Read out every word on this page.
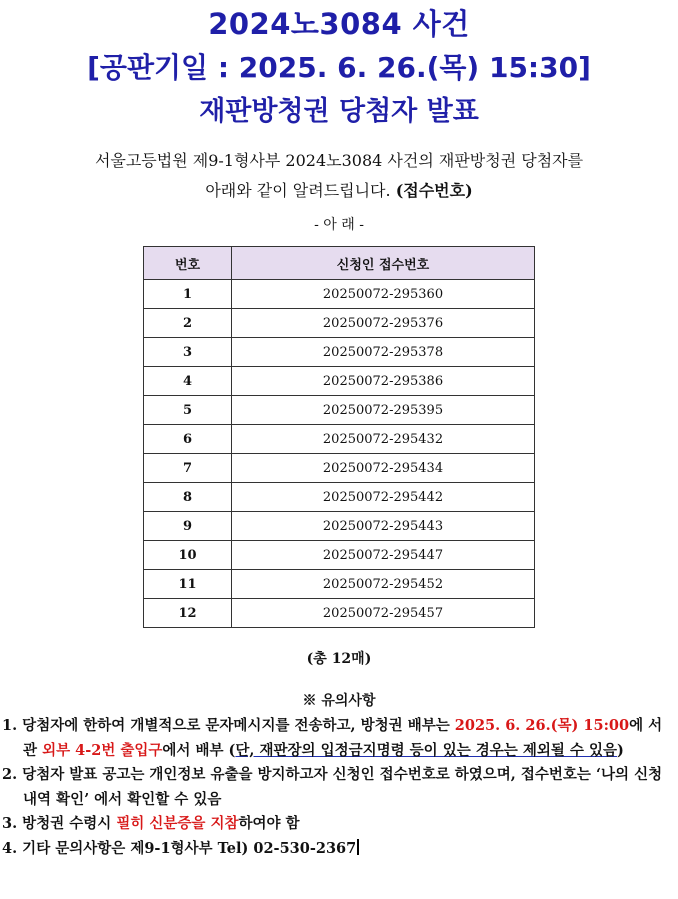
2024노3084 사건
[공판기일 : 2025. 6. 26.(목) 15:30]
재판방청권 당첨자 발표
서울고등법원 제9-1형사부 2024노3084 사건의 재판방청권 당첨자를
아래와 같이 알려드립니다. (접수번호)
- 아 래 -
번호	신청인 접수번호
1	20250072-295360
2	20250072-295376
3	20250072-295378
4	20250072-295386
5	20250072-295395
6	20250072-295432
7	20250072-295434
8	20250072-295442
9	20250072-295443
10	20250072-295447
11	20250072-295452
12	20250072-295457
(총 12매)
※ 유의사항
1. 당첨자에 한하여 개별적으로 문자메시지를 전송하고, 방청권 배부는 2025. 6. 26.(목) 15:00에 서관 외부 4-2번 출입구에서 배부 (단, 재판장의 입정금지명령 등이 있는 경우는 제외될 수 있음)
2. 당첨자 발표 공고는 개인정보 유출을 방지하고자 신청인 접수번호로 하였으며, 접수번호는 ‘나의 신청 내역 확인’ 에서 확인할 수 있음
3. 방청권 수령시 필히 신분증을 지참하여야 함
4. 기타 문의사항은 제9-1형사부 Tel) 02-530-2367
